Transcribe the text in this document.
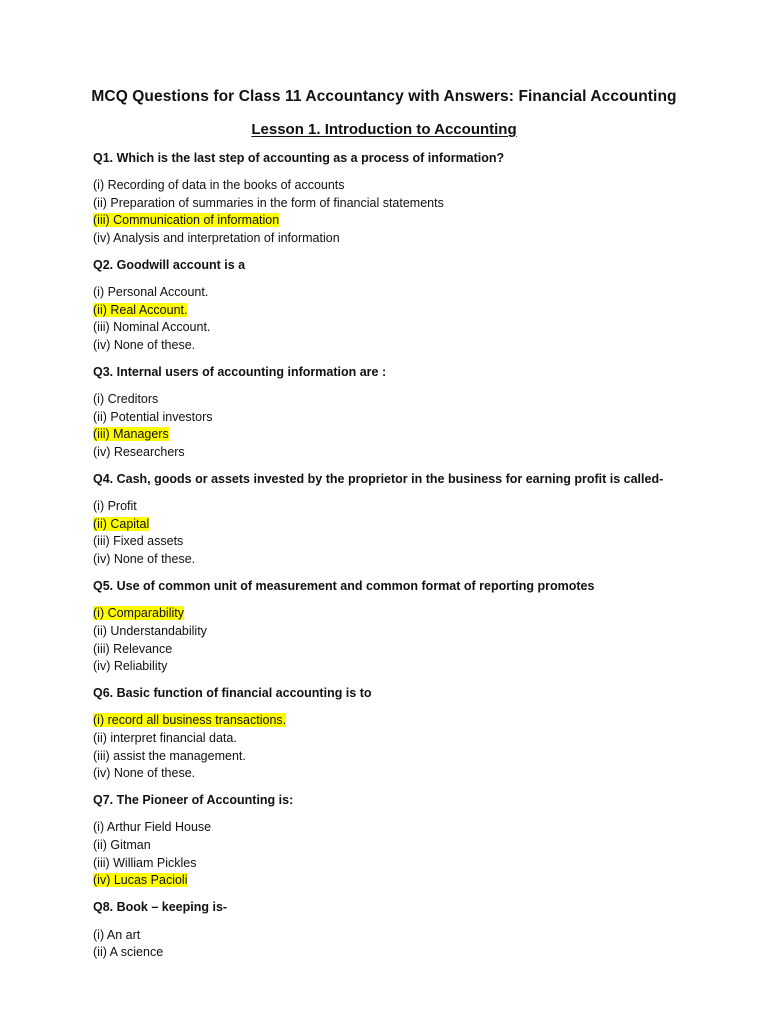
MCQ Questions for Class 11 Accountancy with Answers: Financial Accounting
Lesson 1. Introduction to Accounting
Q1. Which is the last step of accounting as a process of information?
(i) Recording of data in the books of accounts
(ii) Preparation of summaries in the form of financial statements
(iii) Communication of information
(iv) Analysis and interpretation of information
Q2. Goodwill account is a
(i) Personal Account.
(ii) Real Account.
(iii) Nominal Account.
(iv) None of these.
Q3. Internal users of accounting information are :
(i) Creditors
(ii) Potential investors
(iii) Managers
(iv) Researchers
Q4. Cash, goods or assets invested by the proprietor in the business for earning profit is called-
(i) Profit
(ii) Capital
(iii) Fixed assets
(iv) None of these.
Q5. Use of common unit of measurement and common format of reporting promotes
(i) Comparability
(ii) Understandability
(iii) Relevance
(iv) Reliability
Q6. Basic function of financial accounting is to
(i) record all business transactions.
(ii) interpret financial data.
(iii) assist the management.
(iv) None of these.
Q7. The Pioneer of Accounting is:
(i) Arthur Field House
(ii) Gitman
(iii) William Pickles
(iv) Lucas Pacioli
Q8. Book – keeping is-
(i) An art
(ii) A science
